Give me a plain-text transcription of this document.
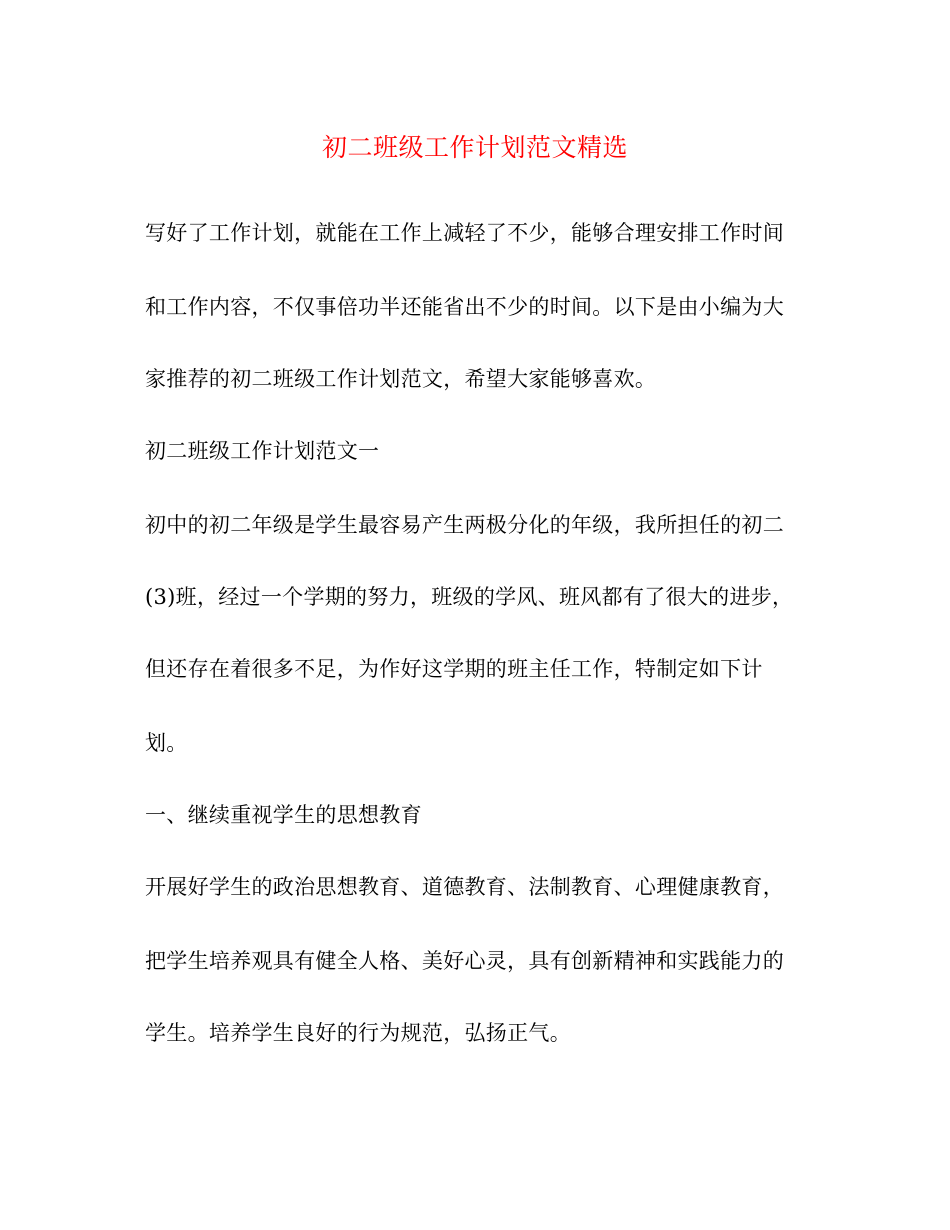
初二班级工作计划范文精选
写好了工作计划，就能在工作上减轻了不少，能够合理安排工作时间
和工作内容，不仅事倍功半还能省出不少的时间。以下是由小编为大
家推荐的初二班级工作计划范文，希望大家能够喜欢。
初二班级工作计划范文一
初中的初二年级是学生最容易产生两极分化的年级，我所担任的初二
(3)班，经过一个学期的努力，班级的学风、班风都有了很大的进步，
但还存在着很多不足，为作好这学期的班主任工作，特制定如下计
划。
一、继续重视学生的思想教育
开展好学生的政治思想教育、道德教育、法制教育、心理健康教育，
把学生培养观具有健全人格、美好心灵，具有创新精神和实践能力的
学生。培养学生良好的行为规范，弘扬正气。
